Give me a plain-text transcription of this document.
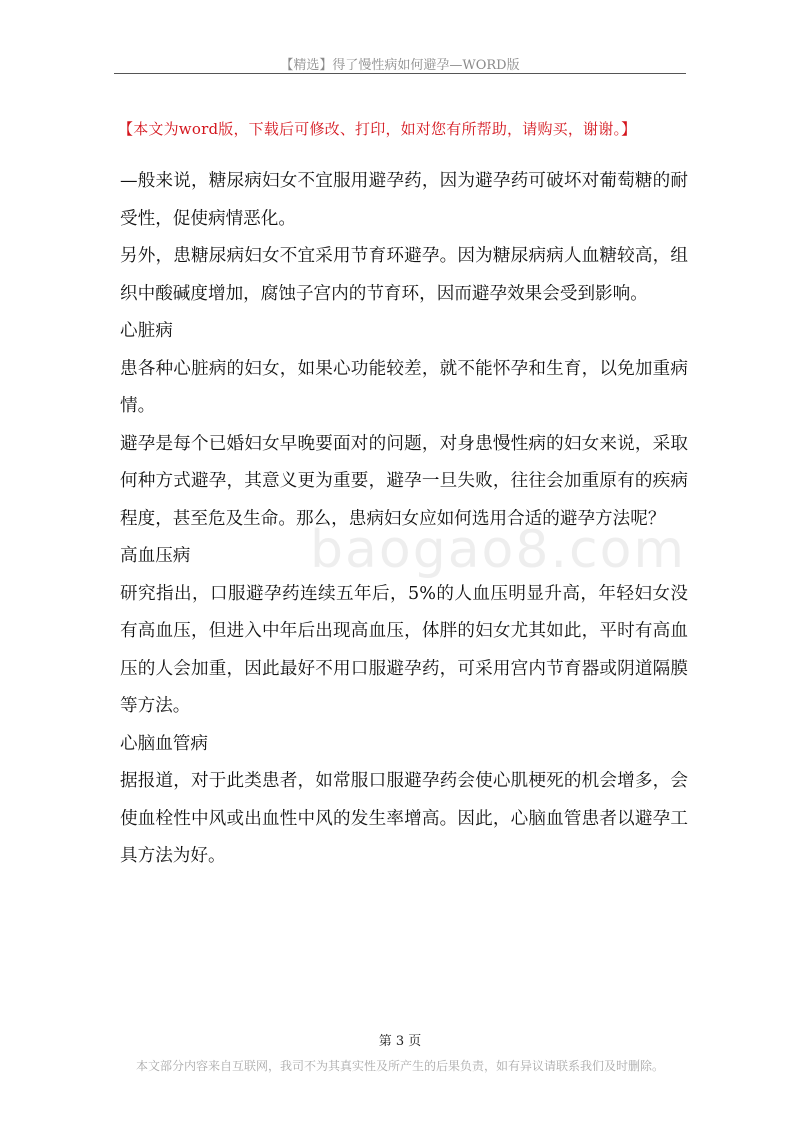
【精选】得了慢性病如何避孕—WORD版
【本文为word版，下载后可修改、打印，如对您有所帮助，请购买，谢谢。】
baogao8.com

—般来说，糖尿病妇女不宜服用避孕药，因为避孕药可破坏对葡萄糖的耐受性，促使病情恶化。

另外，患糖尿病妇女不宜采用节育环避孕。因为糖尿病病人血糖较高，组织中酸碱度增加，腐蚀子宫内的节育环，因而避孕效果会受到影响。

心脏病

患各种心脏病的妇女，如果心功能较差，就不能怀孕和生育，以免加重病情。

避孕是每个已婚妇女早晚要面对的问题，对身患慢性病的妇女来说，采取何种方式避孕，其意义更为重要，避孕一旦失败，往往会加重原有的疾病程度，甚至危及生命。那么，患病妇女应如何选用合适的避孕方法呢？

高血压病

研究指出，口服避孕药连续五年后，5%的人血压明显升高，年轻妇女没有高血压，但进入中年后出现高血压，体胖的妇女尤其如此，平时有高血压的人会加重，因此最好不用口服避孕药，可采用宫内节育器或阴道隔膜等方法。

心脑血管病

据报道，对于此类患者，如常服口服避孕药会使心肌梗死的机会增多，会使血栓性中风或出血性中风的发生率增高。因此，心脑血管患者以避孕工具方法为好。

第 3 页
本文部分内容来自互联网，我司不为其真实性及所产生的后果负责，如有异议请联系我们及时删除。
